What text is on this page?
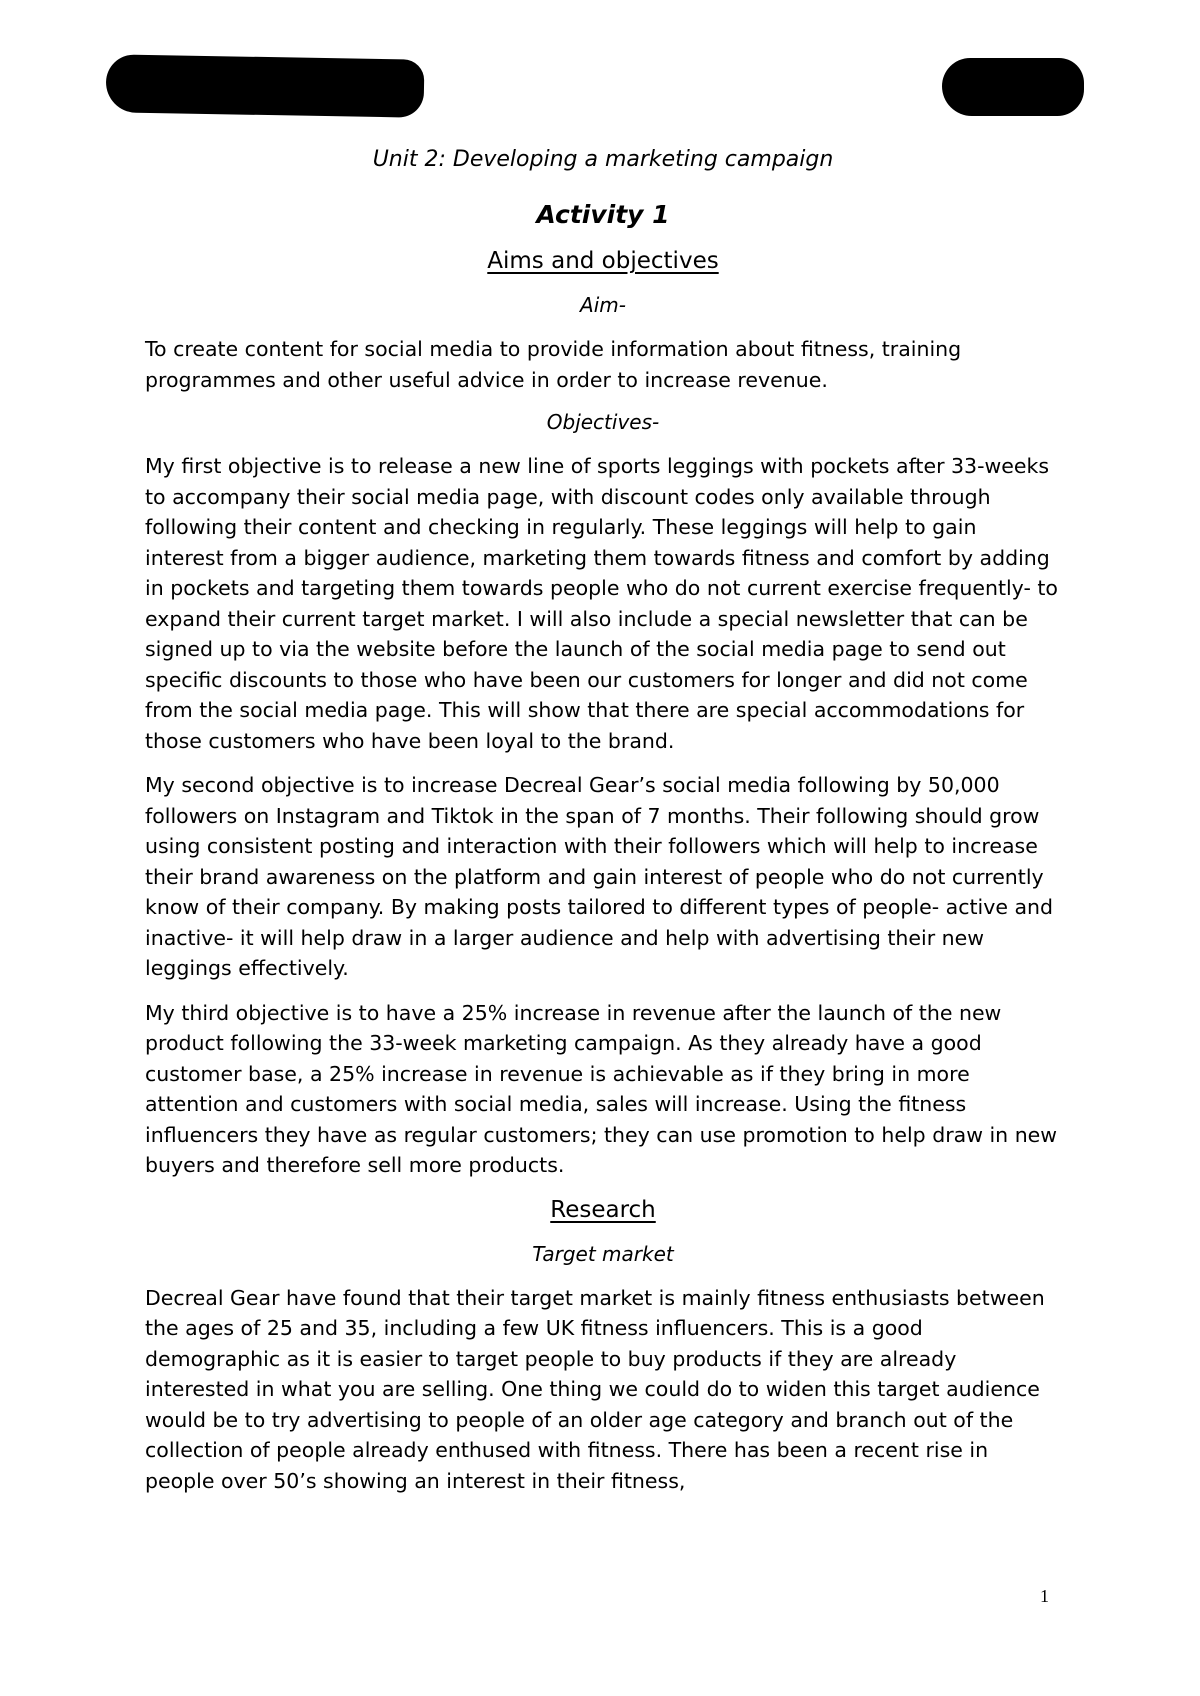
Unit 2: Developing a marketing campaign

Activity 1

Aims and objectives

Aim-

To create content for social media to provide information about fitness, training programmes and other useful advice in order to increase revenue.

Objectives-

My first objective is to release a new line of sports leggings with pockets after 33-weeks to accompany their social media page, with discount codes only available through following their content and checking in regularly. These leggings will help to gain interest from a bigger audience, marketing them towards fitness and comfort by adding in pockets and targeting them towards people who do not current exercise frequently- to expand their current target market. I will also include a special newsletter that can be signed up to via the website before the launch of the social media page to send out specific discounts to those who have been our customers for longer and did not come from the social media page. This will show that there are special accommodations for those customers who have been loyal to the brand.

My second objective is to increase Decreal Gear’s social media following by 50,000 followers on Instagram and Tiktok in the span of 7 months. Their following should grow using consistent posting and interaction with their followers which will help to increase their brand awareness on the platform and gain interest of people who do not currently know of their company. By making posts tailored to different types of people- active and inactive- it will help draw in a larger audience and help with advertising their new leggings effectively.

My third objective is to have a 25% increase in revenue after the launch of the new product following the 33-week marketing campaign. As they already have a good customer base, a 25% increase in revenue is achievable as if they bring in more attention and customers with social media, sales will increase. Using the fitness influencers they have as regular customers; they can use promotion to help draw in new buyers and therefore sell more products.

Research

Target market

Decreal Gear have found that their target market is mainly fitness enthusiasts between the ages of 25 and 35, including a few UK fitness influencers. This is a good demographic as it is easier to target people to buy products if they are already interested in what you are selling. One thing we could do to widen this target audience would be to try advertising to people of an older age category and branch out of the collection of people already enthused with fitness. There has been a recent rise in people over 50’s showing an interest in their fitness,

1
